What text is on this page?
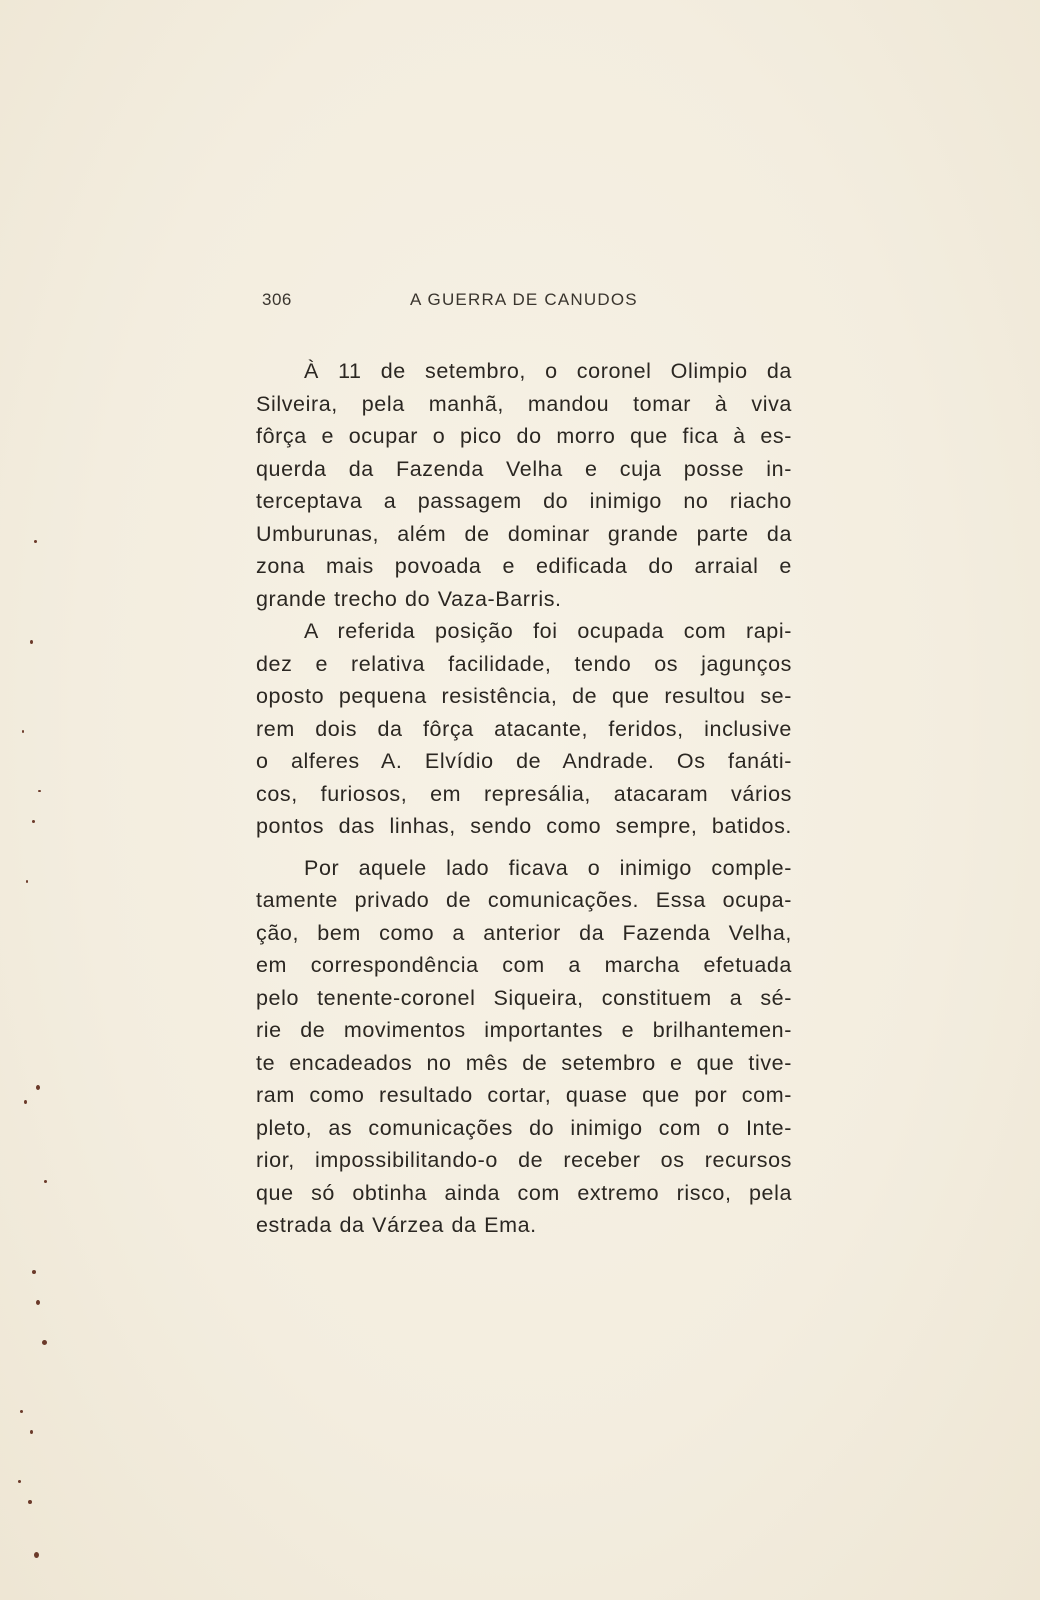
306	A GUERRA DE CANUDOS
À 11 de setembro, o coronel Olimpio da
Silveira, pela manhã, mandou tomar à viva
fôrça e ocupar o pico do morro que fica à es-
querda da Fazenda Velha e cuja posse in-
terceptava a passagem do inimigo no riacho
Umburunas, além de dominar grande parte da
zona mais povoada e edificada do arraial e
grande trecho do Vaza-Barris.
A referida posição foi ocupada com rapi-
dez e relativa facilidade, tendo os jagunços
oposto pequena resistência, de que resultou se-
rem dois da fôrça atacante, feridos, inclusive
o alferes A. Elvídio de Andrade. Os fanáti-
cos, furiosos, em represália, atacaram vários
pontos das linhas, sendo como sempre, batidos.
Por aquele lado ficava o inimigo comple-
tamente privado de comunicações. Essa ocupa-
ção, bem como a anterior da Fazenda Velha,
em correspondência com a marcha efetuada
pelo tenente-coronel Siqueira, constituem a sé-
rie de movimentos importantes e brilhantemen-
te encadeados no mês de setembro e que tive-
ram como resultado cortar, quase que por com-
pleto, as comunicações do inimigo com o Inte-
rior, impossibilitando-o de receber os recursos
que só obtinha ainda com extremo risco, pela
estrada da Várzea da Ema.
